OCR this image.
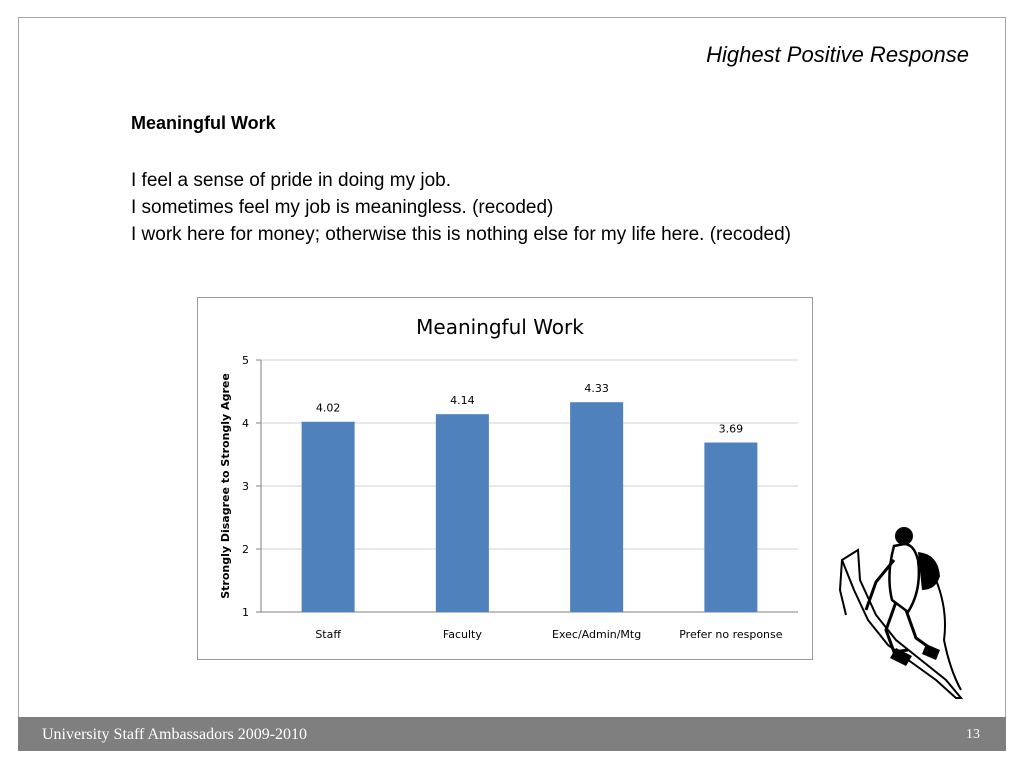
Highest Positive Response
Meaningful Work
I feel a sense of pride in doing my job.
I sometimes feel my job is meaningless. (recoded)
I work here for money; otherwise this is nothing else for my life here. (recoded)
Meaningful Work
Strongly Disagree to Strongly Agree
1
2
3
4
5
4.02
Staff
4.14
Faculty
4.33
Exec/Admin/Mtg
3.69
Prefer no response
University Staff Ambassadors 2009-2010	13
